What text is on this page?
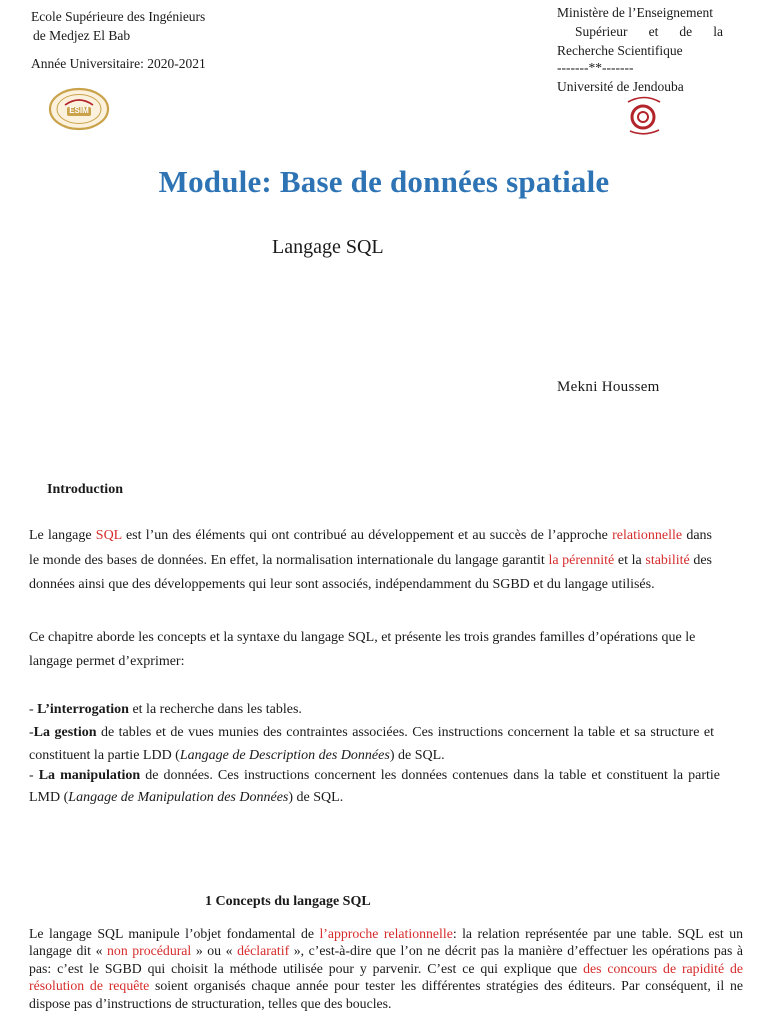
Ecole Supérieure des Ingénieurs
de Medjez El Bab
Année Universitaire: 2020-2021
ESIM
Ministère de l’Enseignement
Supérieur et de la
Recherche Scientifique
-------**-------
Université de Jendouba
Module: Base de données spatiale
Langage SQL
Mekni Houssem
Introduction
Le langage SQL est l’un des éléments qui ont contribué au développement et au succès de l’approche relationnelle dans le monde des bases de données. En effet, la normalisation internationale du langage garantit la pérennité et la stabilité des données ainsi que des développements qui leur sont associés, indépendamment du SGBD et du langage utilisés.
Ce chapitre aborde les concepts et la syntaxe du langage SQL, et présente les trois grandes familles d’opérations que le langage permet d’exprimer:
- L’interrogation et la recherche dans les tables.
-La gestion de tables et de vues munies des contraintes associées. Ces instructions concernent la table et sa structure et constituent la partie LDD (Langage de Description des Données) de SQL.
- La manipulation de données. Ces instructions concernent les données contenues dans la table et constituent la partie LMD (Langage de Manipulation des Données) de SQL.
1 Concepts du langage SQL
Le langage SQL manipule l’objet fondamental de l’approche relationnelle: la relation représentée par une table. SQL est un langage dit « non procédural » ou « déclaratif », c’est-à-dire que l’on ne décrit pas la manière d’effectuer les opérations pas à pas: c’est le SGBD qui choisit la méthode utilisée pour y parvenir. C’est ce qui explique que des concours de rapidité de résolution de requête soient organisés chaque année pour tester les différentes stratégies des éditeurs. Par conséquent, il ne dispose pas d’instructions de structuration, telles que des boucles.
